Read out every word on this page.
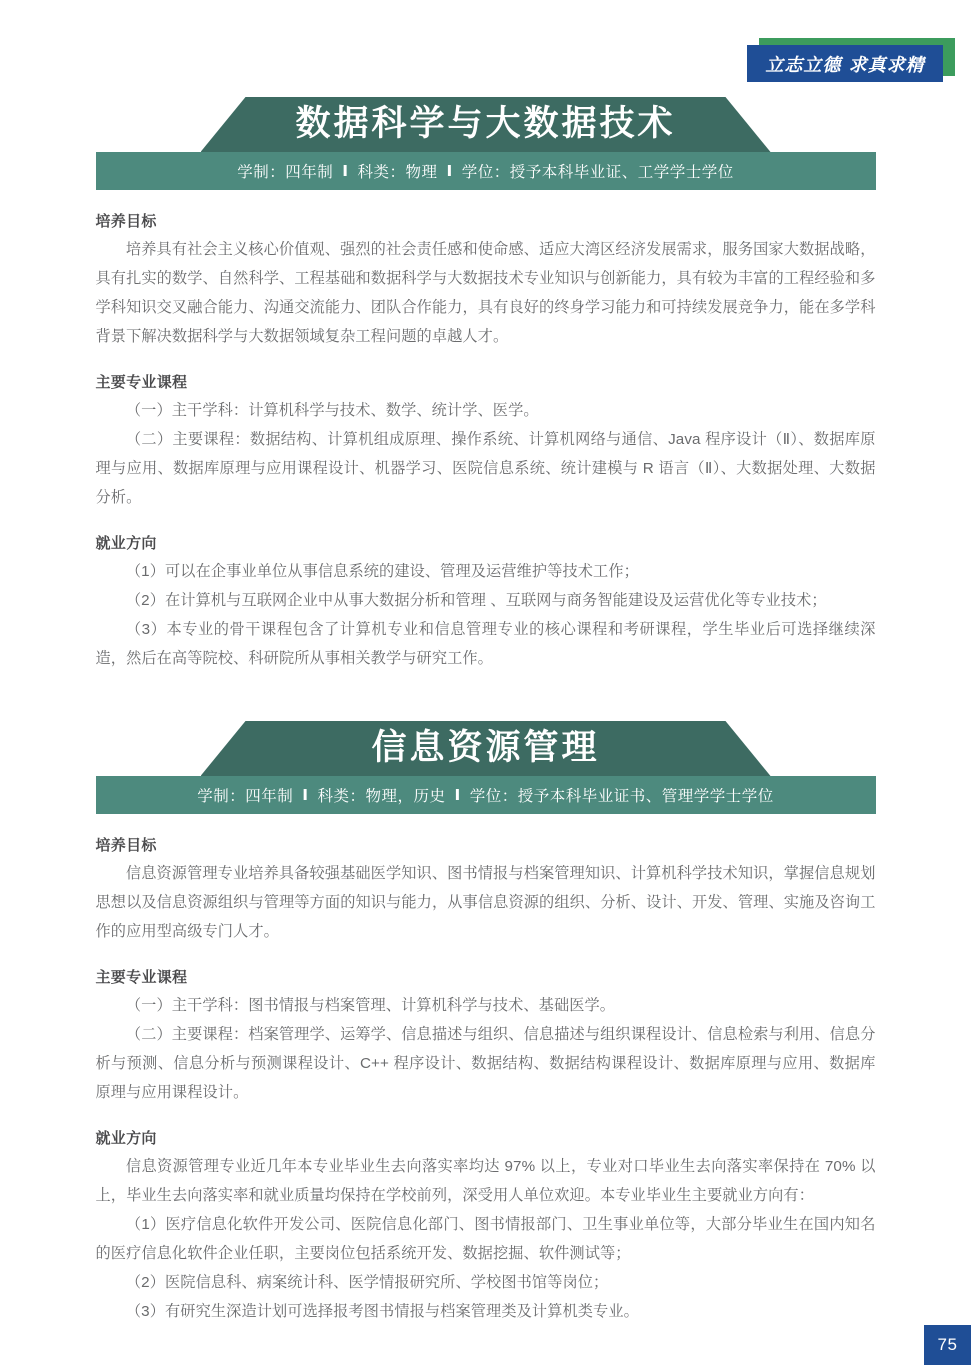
立志立德 求真求精
数据科学与大数据技术
学制：四年制 Ⅰ 科类：物理 Ⅰ 学位：授予本科毕业证、工学学士学位
培养目标

培养具有社会主义核心价值观、强烈的社会责任感和使命感、适应大湾区经济发展需求，服务国家大数据战略，具有扎实的数学、自然科学、工程基础和数据科学与大数据技术专业知识与创新能力，具有较为丰富的工程经验和多学科知识交叉融合能力、沟通交流能力、团队合作能力，具有良好的终身学习能力和可持续发展竞争力，能在多学科背景下解决数据科学与大数据领域复杂工程问题的卓越人才。

主要专业课程

（一）主干学科：计算机科学与技术、数学、统计学、医学。

（二）主要课程：数据结构、计算机组成原理、操作系统、计算机网络与通信、Java 程序设计（Ⅱ）、数据库原理与应用、数据库原理与应用课程设计、机器学习、医院信息系统、统计建模与 R 语言（Ⅱ）、大数据处理、大数据分析。

就业方向

（1）可以在企事业单位从事信息系统的建设、管理及运营维护等技术工作；

（2）在计算机与互联网企业中从事大数据分析和管理 、互联网与商务智能建设及运营优化等专业技术；

（3）本专业的骨干课程包含了计算机专业和信息管理专业的核心课程和考研课程，学生毕业后可选择继续深造，然后在高等院校、科研院所从事相关教学与研究工作。

信息资源管理
学制：四年制 Ⅰ 科类：物理，历史 Ⅰ 学位：授予本科毕业证书、管理学学士学位
培养目标

信息资源管理专业培养具备较强基础医学知识、图书情报与档案管理知识、计算机科学技术知识，掌握信息规划思想以及信息资源组织与管理等方面的知识与能力，从事信息资源的组织、分析、设计、开发、管理、实施及咨询工作的应用型高级专门人才。

主要专业课程

（一）主干学科：图书情报与档案管理、计算机科学与技术、基础医学。

（二）主要课程：档案管理学、运筹学、信息描述与组织、信息描述与组织课程设计、信息检索与利用、信息分析与预测、信息分析与预测课程设计、C++ 程序设计、数据结构、数据结构课程设计、数据库原理与应用、数据库原理与应用课程设计。

就业方向

信息资源管理专业近几年本专业毕业生去向落实率均达 97% 以上，专业对口毕业生去向落实率保持在 70% 以上，毕业生去向落实率和就业质量均保持在学校前列，深受用人单位欢迎。本专业毕业生主要就业方向有：

（1）医疗信息化软件开发公司、医院信息化部门、图书情报部门、卫生事业单位等，大部分毕业生在国内知名的医疗信息化软件企业任职，主要岗位包括系统开发、数据挖掘、软件测试等；

（2）医院信息科、病案统计科、医学情报研究所、学校图书馆等岗位；

（3）有研究生深造计划可选择报考图书情报与档案管理类及计算机类专业。

75
